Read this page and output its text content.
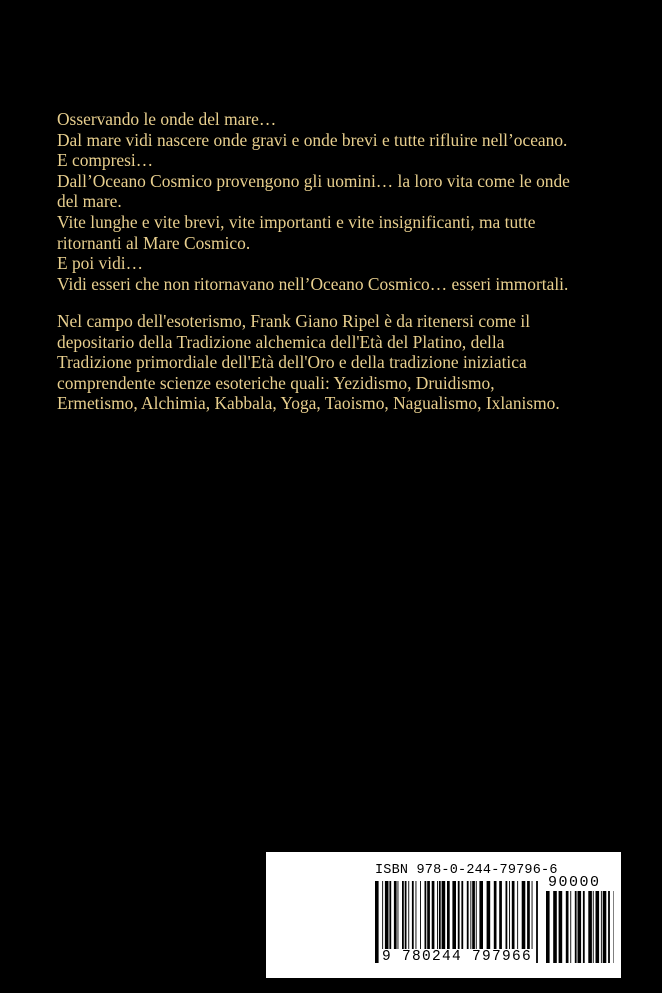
Osservando le onde del mare…
Dal mare vidi nascere onde gravi e onde brevi e tutte rifluire nell’oceano.
E compresi…
Dall’Oceano Cosmico provengono gli uomini… la loro vita come le onde
del mare.
Vite lunghe e vite brevi, vite importanti e vite insignificanti, ma tutte
ritornanti al Mare Cosmico.
E poi vidi…
Vidi esseri che non ritornavano nell’Oceano Cosmico… esseri immortali.
Nel campo dell'esoterismo, Frank Giano Ripel è da ritenersi come il
depositario della Tradizione alchemica dell'Età del Platino, della
Tradizione primordiale dell'Età dell'Oro e della tradizione iniziatica
comprendente scienze esoteriche quali: Yezidismo, Druidismo,
Ermetismo, Alchimia, Kabbala, Yoga, Taoismo, Nagualismo, Ixlanismo.
ISBN 978-0-244-79796-6
90000
9 780244 797966
